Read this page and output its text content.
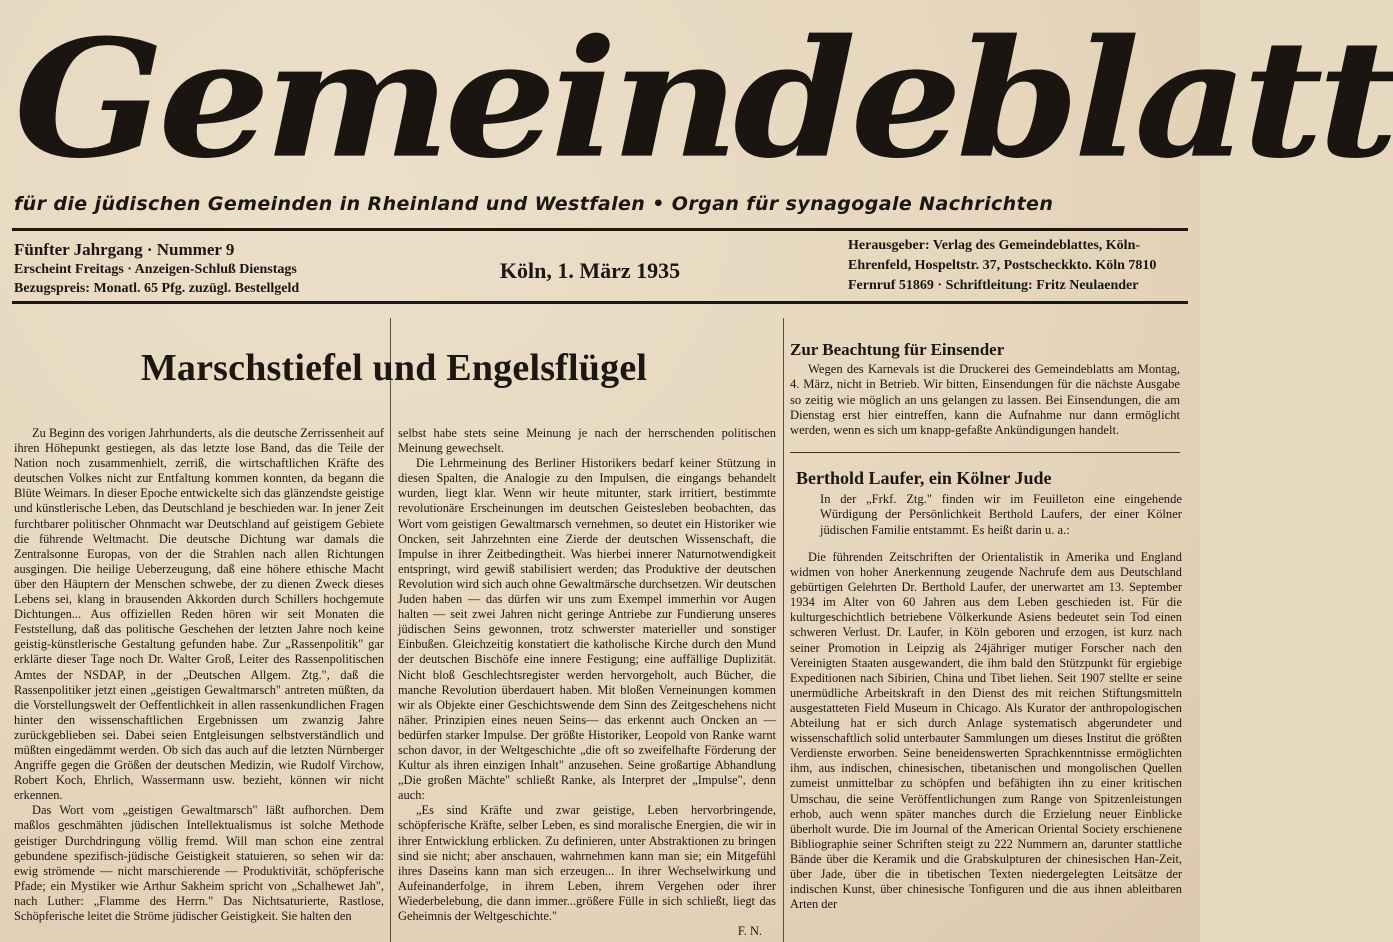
Gemeindeblatt
für die jüdischen Gemeinden in Rheinland und Westfalen • Organ für synagogale Nachrichten
Fünfter Jahrgang · Nummer 9
Erscheint Freitags · Anzeigen-Schluß Dienstags
Bezugspreis: Monatl. 65 Pfg. zuzügl. Bestellgeld
Köln, 1. März 1935
Herausgeber: Verlag des Gemeindeblattes, Köln-
Ehrenfeld, Hospeltstr. 37, Postscheckkto. Köln 7810
Fernruf 51869 · Schriftleitung: Fritz Neulaender
Marschstiefel und Engelsflügel

Zu Beginn des vorigen Jahrhunderts, als die deutsche Zerrissenheit auf ihren Höhepunkt gestiegen, als das letzte lose Band, das die Teile der Nation noch zusammenhielt, zerriß, die wirtschaftlichen Kräfte des deutschen Volkes nicht zur Entfaltung kommen konnten, da begann die Blüte Weimars. In dieser Epoche entwickelte sich das glänzendste geistige und künstlerische Leben, das Deutschland je beschieden war. In jener Zeit furchtbarer politischer Ohnmacht war Deutschland auf geistigem Gebiete die führende Weltmacht. Die deutsche Dichtung war damals die Zentralsonne Europas, von der die Strahlen nach allen Richtungen ausgingen. Die heilige Ueberzeugung, daß eine höhere ethische Macht über den Häuptern der Menschen schwebe, der zu dienen Zweck dieses Lebens sei, klang in brausenden Akkorden durch Schillers hochgemute Dichtungen... Aus offiziellen Reden hören wir seit Monaten die Feststellung, daß das politische Geschehen der letzten Jahre noch keine geistig-künstlerische Gestaltung gefunden habe. Zur „Rassenpolitik" gar erklärte dieser Tage noch Dr. Walter Groß, Leiter des Rassenpolitischen Amtes der NSDAP, in der „Deutschen Allgem. Ztg.", daß die Rassenpolitiker jetzt einen „geistigen Gewaltmarsch" antreten müßten, da die Vorstellungswelt der Oeffentlichkeit in allen rassenkundlichen Fragen hinter den wissenschaftlichen Ergebnissen um zwanzig Jahre zurückgeblieben sei. Dabei seien Entgleisungen selbstverständlich und müßten eingedämmt werden. Ob sich das auch auf die letzten Nürnberger Angriffe gegen die Größen der deutschen Medizin, wie Rudolf Virchow, Robert Koch, Ehrlich, Wassermann usw. bezieht, können wir nicht erkennen.

Das Wort vom „geistigen Gewaltmarsch" läßt aufhorchen. Dem maßlos geschmähten jüdischen Intellektualismus ist solche Methode geistiger Durchdringung völlig fremd. Will man schon eine zentral gebundene spezifisch-jüdische Geistigkeit statuieren, so sehen wir da: ewig strömende — nicht marschierende — Produktivität, schöpferische Pfade; ein Mystiker wie Arthur Sakheim spricht von „Schalhewet Jah", nach Luther: „Flamme des Herrn." Das Nichtsaturierte, Rastlose, Schöpferische leitet die Ströme jüdischer Geistigkeit. Sie halten den

selbst habe stets seine Meinung je nach der herrschenden politischen Meinung gewechselt.

Die Lehrmeinung des Berliner Historikers bedarf keiner Stützung in diesen Spalten, die Analogie zu den Impulsen, die eingangs behandelt wurden, liegt klar. Wenn wir heute mitunter, stark irritiert, bestimmte revolutionäre Erscheinungen im deutschen Geistesleben beobachten, das Wort vom geistigen Gewaltmarsch vernehmen, so deutet ein Historiker wie Oncken, seit Jahrzehnten eine Zierde der deutschen Wissenschaft, die Impulse in ihrer Zeitbedingtheit. Was hierbei innerer Naturnotwendigkeit entspringt, wird gewiß stabilisiert werden; das Produktive der deutschen Revolution wird sich auch ohne Gewaltmärsche durchsetzen. Wir deutschen Juden haben — das dürfen wir uns zum Exempel immerhin vor Augen halten — seit zwei Jahren nicht geringe Antriebe zur Fundierung unseres jüdischen Seins gewonnen, trotz schwerster materieller und sonstiger Einbußen. Gleichzeitig konstatiert die katholische Kirche durch den Mund der deutschen Bischöfe eine innere Festigung; eine auffällige Duplizität. Nicht bloß Geschlechtsregister werden hervorgeholt, auch Bücher, die manche Revolution überdauert haben. Mit bloßen Verneinungen kommen wir als Objekte einer Geschichtswende dem Sinn des Zeitgeschehens nicht näher. Prinzipien eines neuen Seins— das erkennt auch Oncken an — bedürfen starker Impulse. Der größte Historiker, Leopold von Ranke warnt schon davor, in der Weltgeschichte „die oft so zweifelhafte Förderung der Kultur als ihren einzigen Inhalt" anzusehen. Seine großartige Abhandlung „Die großen Mächte" schließt Ranke, als Interpret der „Impulse", denn auch:

„Es sind Kräfte und zwar geistige, Leben hervorbringende, schöpferische Kräfte, selber Leben, es sind moralische Energien, die wir in ihrer Entwicklung erblicken. Zu definieren, unter Abstraktionen zu bringen sind sie nicht; aber anschauen, wahrnehmen kann man sie; ein Mitgefühl ihres Daseins kann man sich erzeugen... In ihrer Wechselwirkung und Aufeinanderfolge, in ihrem Leben, ihrem Vergehen oder ihrer Wiederbelebung, die dann immer...größere Fülle in sich schließt, liegt das Geheimnis der Weltgeschichte."

F. N.

Zur Beachtung für Einsender

Wegen des Karnevals ist die Druckerei des Gemeindeblatts am Montag, 4. März, nicht in Betrieb. Wir bitten, Einsendungen für die nächste Ausgabe so zeitig wie möglich an uns gelangen zu lassen. Bei Einsendungen, die am Dienstag erst hier eintreffen, kann die Aufnahme nur dann ermöglicht werden, wenn es sich um knapp-gefaßte Ankündigungen handelt.

Berthold Laufer, ein Kölner Jude
In der „Frkf. Ztg." finden wir im Feuilleton eine eingehende Würdigung der Persönlichkeit Berthold Laufers, der einer Kölner jüdischen Familie entstammt. Es heißt darin u. a.:

Die führenden Zeitschriften der Orientalistik in Amerika und England widmen von hoher Anerkennung zeugende Nachrufe dem aus Deutschland gebürtigen Gelehrten Dr. Berthold Laufer, der unerwartet am 13. September 1934 im Alter von 60 Jahren aus dem Leben geschieden ist. Für die kulturgeschichtlich betriebene Völkerkunde Asiens bedeutet sein Tod einen schweren Verlust. Dr. Laufer, in Köln geboren und erzogen, ist kurz nach seiner Promotion in Leipzig als 24jähriger mutiger Forscher nach den Vereinigten Staaten ausgewandert, die ihm bald den Stützpunkt für ergiebige Expeditionen nach Sibirien, China und Tibet liehen. Seit 1907 stellte er seine unermüdliche Arbeitskraft in den Dienst des mit reichen Stiftungsmitteln ausgestatteten Field Museum in Chicago. Als Kurator der anthropologischen Abteilung hat er sich durch Anlage systematisch abgerundeter und wissenschaftlich solid unterbauter Sammlungen um dieses Institut die größten Verdienste erworben. Seine beneidenswerten Sprachkenntnisse ermöglichten ihm, aus indischen, chinesischen, tibetanischen und mongolischen Quellen zumeist unmittelbar zu schöpfen und befähigten ihn zu einer kritischen Umschau, die seine Veröffentlichungen zum Range von Spitzenleistungen erhob, auch wenn später manches durch die Erzielung neuer Einblicke überholt wurde. Die im Journal of the American Oriental Society erschienene Bibliographie seiner Schriften steigt zu 222 Nummern an, darunter stattliche Bände über die Keramik und die Grabskulpturen der chinesischen Han-Zeit, über Jade, über die in tibetischen Texten niedergelegten Leitsätze der indischen Kunst, über chinesische Tonfiguren und die aus ihnen ableitbaren Arten der
